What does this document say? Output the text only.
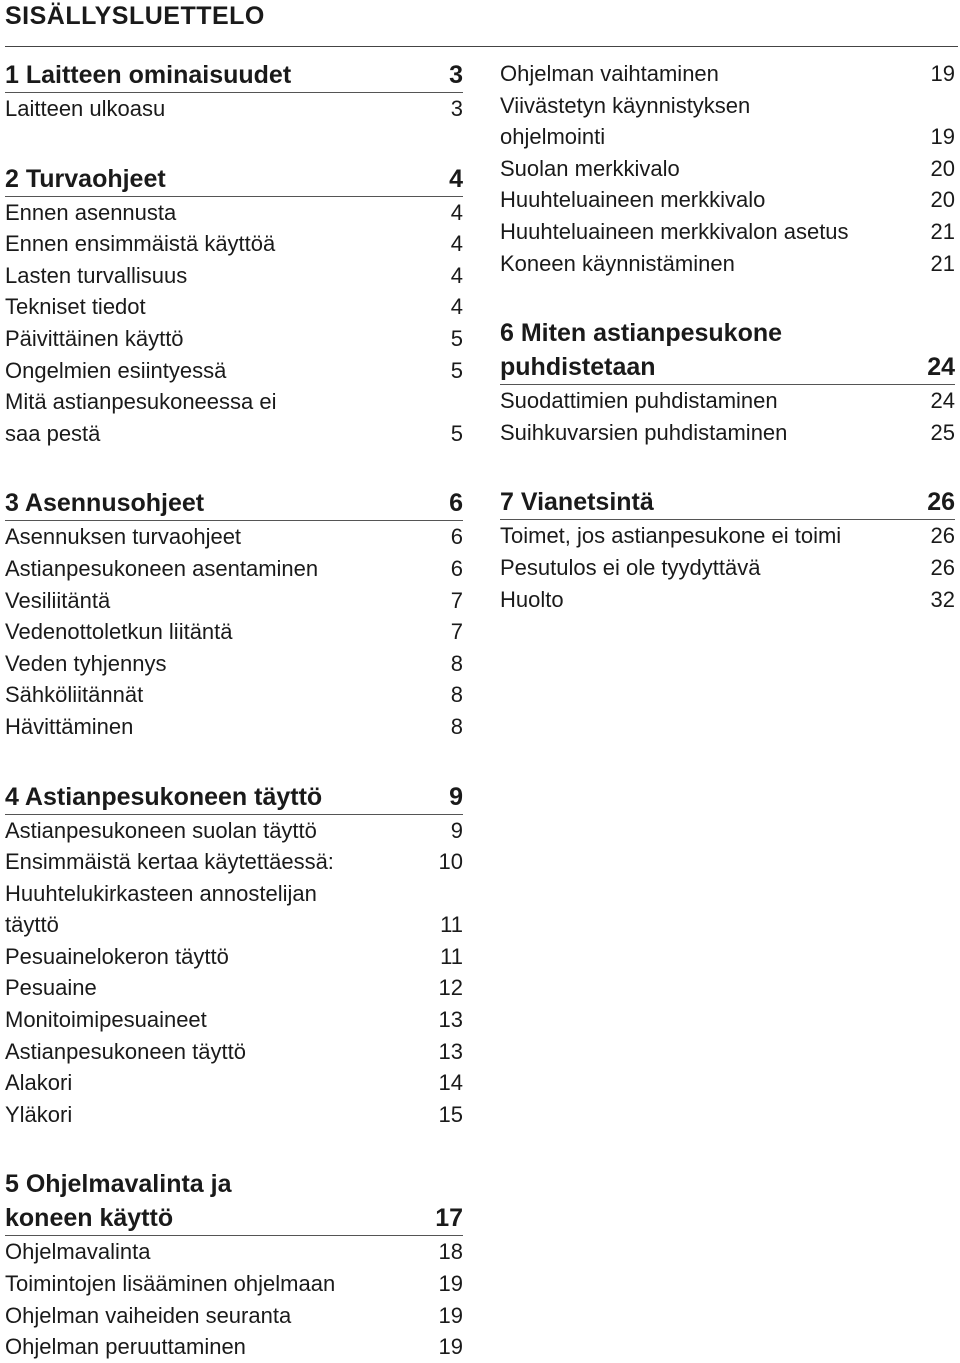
SISÄLLYSLUETTELO
1 Laitteen ominaisuudet	3
Laitteen ulkoasu	3
2 Turvaohjeet	4
Ennen asennusta	4
Ennen ensimmäistä käyttöä	4
Lasten turvallisuus	4
Tekniset tiedot	4
Päivittäinen käyttö	5
Ongelmien esiintyessä	5
Mitä astianpesukoneessa ei
saa pestä	5
3 Asennusohjeet	6
Asennuksen turvaohjeet	6
Astianpesukoneen asentaminen	6
Vesiliitäntä	7
Vedenottoletkun liitäntä	7
Veden tyhjennys	8
Sähköliitännät	8
Hävittäminen	8
4 Astianpesukoneen täyttö	9
Astianpesukoneen suolan täyttö	9
Ensimmäistä kertaa käytettäessä:	10
Huuhtelukirkasteen annostelijan
täyttö	11
Pesuainelokeron täyttö	11
Pesuaine	12
Monitoimipesuaineet	13
Astianpesukoneen täyttö	13
Alakori	14
Yläkori	15
5 Ohjelmavalinta ja
koneen käyttö	17
Ohjelmavalinta	18
Toimintojen lisääminen ohjelmaan	19
Ohjelman vaiheiden seuranta	19
Ohjelman peruuttaminen	19
Ohjelman vaihtaminen	19
Viivästetyn käynnistyksen
ohjelmointi	19
Suolan merkkivalo	20
Huuhteluaineen merkkivalo	20
Huuhteluaineen merkkivalon asetus	21
Koneen käynnistäminen	21
6 Miten astianpesukone
puhdistetaan	24
Suodattimien puhdistaminen	24
Suihkuvarsien puhdistaminen	25
7 Vianetsintä	26
Toimet, jos astianpesukone ei toimi	26
Pesutulos ei ole tyydyttävä	26
Huolto	32
